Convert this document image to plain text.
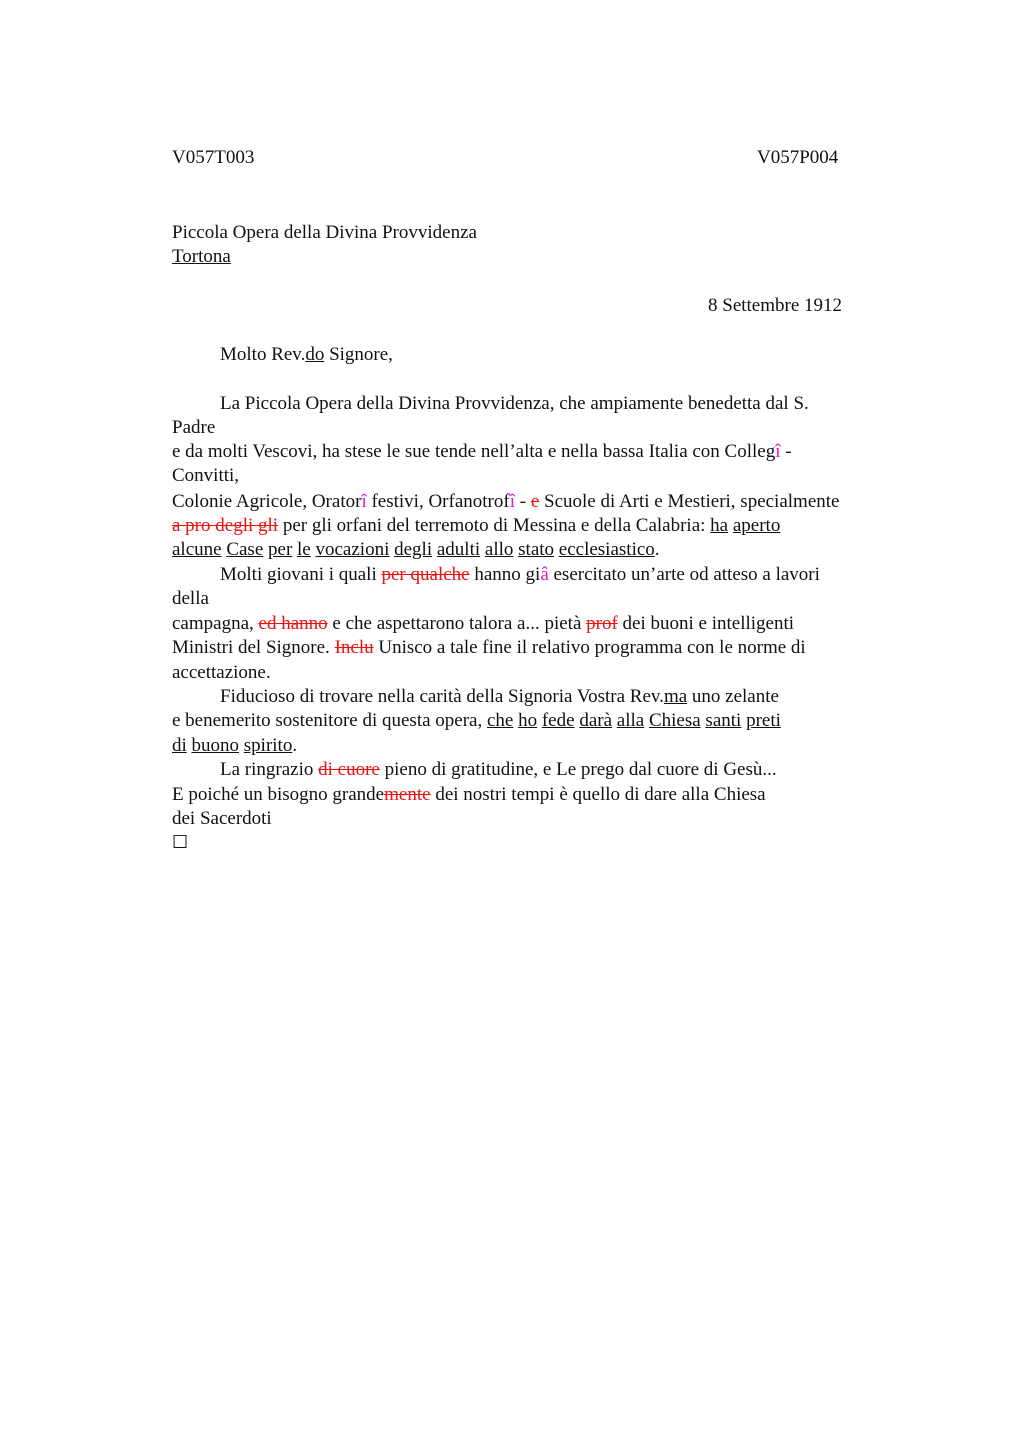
V057T003	V057P004
Piccola Opera della Divina Provvidenza
Tortona
8 Settembre 1912
Molto Rev.do Signore,
La Piccola Opera della Divina Provvidenza, che ampiamente benedetta dal S.
Padre
e da molti Vescovi, ha stese le sue tende nell’alta e nella bassa Italia con Collegî -
Convitti,
Colonie Agricole, Oratorî festivi, Orfanotrofî - e Scuole di Arti e Mestieri, specialmente
a pro degli gli per gli orfani del terremoto di Messina e della Calabria: ha aperto
alcune Case per le vocazioni degli adulti allo stato ecclesiastico.
Molti giovani i quali per qualche hanno giâ esercitato un’arte od atteso a lavori
della
campagna, ed hanno e che aspettarono talora a... pietà prof dei buoni e intelligenti
Ministri del Signore. Inclu Unisco a tale fine il relativo programma con le norme di
accettazione.
Fiducioso di trovare nella carità della Signoria Vostra Rev.ma uno zelante
e benemerito sostenitore di questa opera, che ho fede darà alla Chiesa santi preti
di buono spirito.
La ringrazio di cuore pieno di gratitudine, e Le prego dal cuore di Gesù...
E poiché un bisogno grandemente dei nostri tempi è quello di dare alla Chiesa
dei Sacerdoti
☐
